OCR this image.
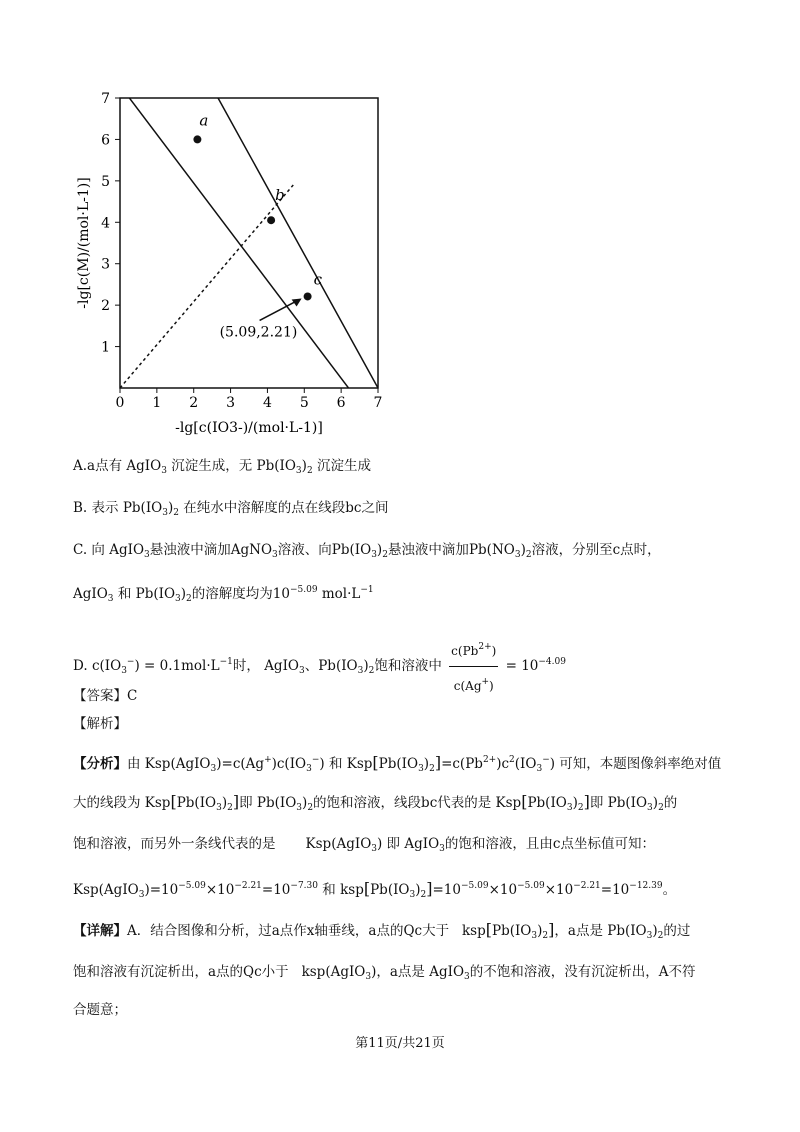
0 1 2 3 4 5 6 7
1
2
3
4
5
6
7
a
b
c
(5.09,2.21)
-lg[c(IO3-)/(mol·L-1)]
-lg[c(M)/(mol·L-1)]
A.a点有 AgIO$_3$ 沉淀生成，无 $Pb(IO_3)_2$ 沉淀生成
B. 表示 $Pb(IO_3)_2$ 在纯水中溶解度的点在线段bc之间
C. 向 AgIO$_3$悬浊液中滴加AgNO$_3$溶液、向$Pb(IO_3)_2$悬浊液中滴加$Pb(NO_3)_2$溶液，分别至c点时，
AgIO$_3$ 和 $Pb(IO_3)_2$的溶解度均为$10^{-5.09}$ $mol\cdot L^{-1}$
D. $c(IO_3^-) = 0.1mol\cdot L^{-1}$时， AgIO$_3$、$Pb(IO_3)_2$饱和溶液中 $\frac{c(Pb^{2+})}{c(Ag^+)} = 10^{-4.09}$
【答案】C
【解析】
【分析】由 $Ksp(AgIO_3)=c(Ag^+)c(IO_3^-)$ 和 $Ksp[Pb(IO_3)_2]=c(Pb^{2+})c^2(IO_3^-)$ 可知，本题图像斜率绝对值
大的线段为 $Ksp[Pb(IO_3)_2]$即 $Pb(IO_3)_2$的饱和溶液，线段bc代表的是 $Ksp[Pb(IO_3)_2]$即 $Pb(IO_3)_2$的
饱和溶液，而另外一条线代表的是 Ksp(AgIO$_3$) 即 AgIO$_3$的饱和溶液，且由c点坐标值可知：
$Ksp(AgIO_3)=10^{-5.09}\times 10^{-2.21}=10^{-7.30}$ 和 $ksp[Pb(IO_3)_2]=10^{-5.09}\times 10^{-5.09}\times 10^{-2.21}=10^{-12.39}$。
【详解】A．结合图像和分析，过a点作x轴垂线，a点的Qc大于 $ksp[Pb(IO_3)_2]$，a点是 $Pb(IO_3)_2$的过
饱和溶液有沉淀析出，a点的Qc小于 ksp(AgIO$_3$)，a点是 AgIO$_3$的不饱和溶液，没有沉淀析出，A不符
合题意；
第11页/共21页
